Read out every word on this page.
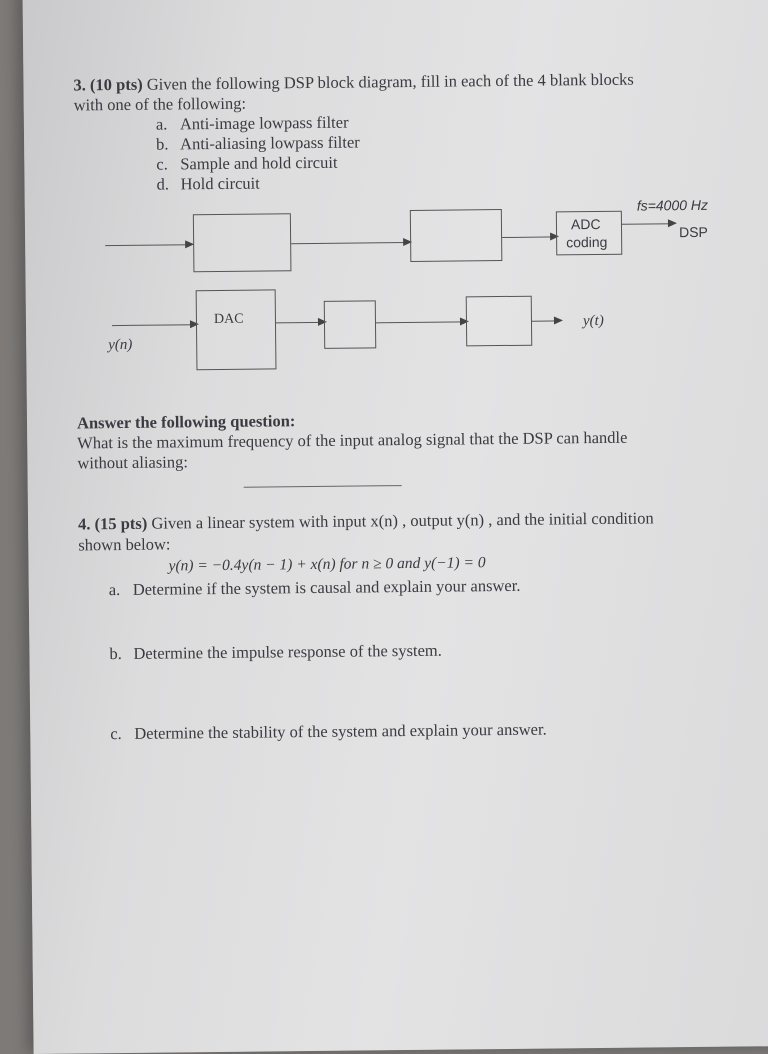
3. (10 pts) Given the following DSP block diagram, fill in each of the 4 blank blocks
with one of the following:
a. Anti-image lowpass filter
b. Anti-aliasing lowpass filter
c. Sample and hold circuit
d. Hold circuit
ADC
coding
fs=4000 Hz
DSP
y(n)
DAC	y(t)
Answer the following question:
What is the maximum frequency of the input analog signal that the DSP can handle
without aliasing:
4. (15 pts) Given a linear system with input x(n) , output y(n) , and the initial condition
shown below:
y(n) = −0.4y(n − 1) + x(n) for n ≥ 0 and y(−1) = 0
a. Determine if the system is causal and explain your answer.
b. Determine the impulse response of the system.
c. Determine the stability of the system and explain your answer.
